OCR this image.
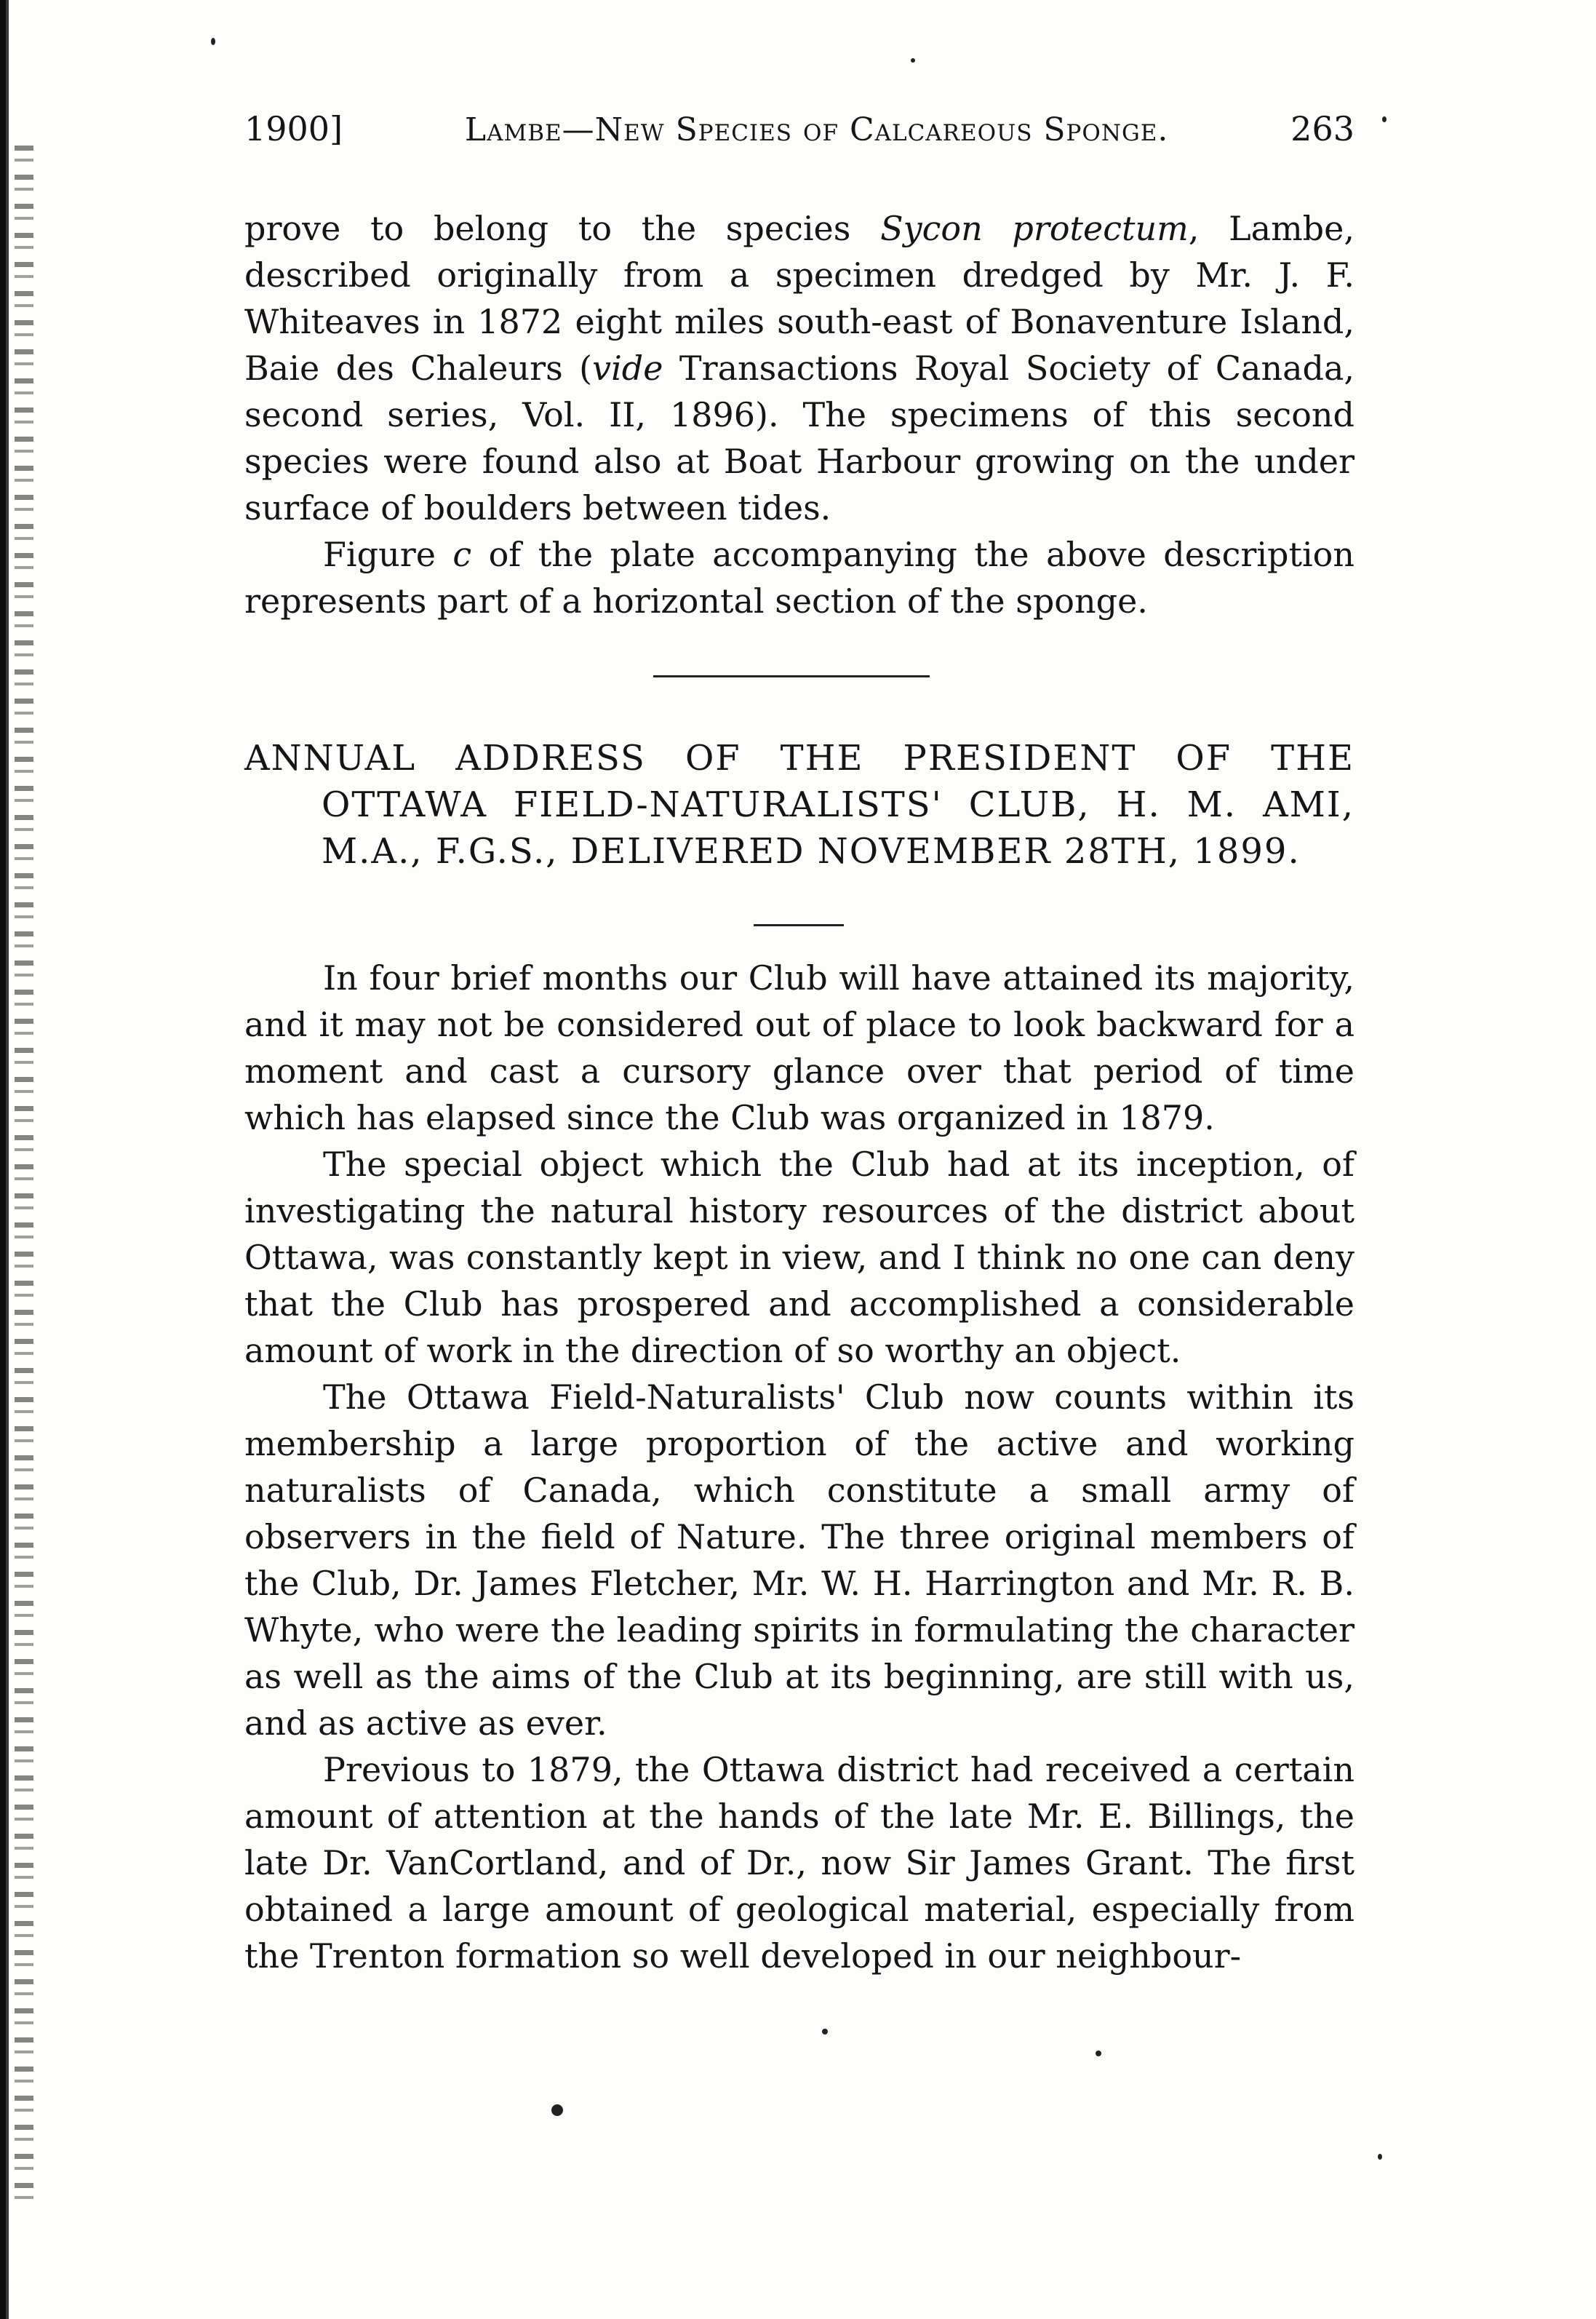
1900]	Lambe—New Species of Calcareous Sponge.	263

prove to belong to the species Sycon protectum, Lambe, described originally from a specimen dredged by Mr. J. F. Whiteaves in 1872 eight miles south-east of Bonaventure Island, Baie des Chaleurs (vide Transactions Royal Society of Canada, second series, Vol. II, 1896). The specimens of this second species were found also at Boat Harbour growing on the under surface of boulders between tides.

Figure c of the plate accompanying the above description represents part of a horizontal section of the sponge.

ANNUAL ADDRESS OF THE PRESIDENT OF THE
OTTAWA FIELD-NATURALISTS' CLUB, H. M. AMI,
M.A., F.G.S., DELIVERED NOVEMBER 28TH, 1899.

In four brief months our Club will have attained its majority, and it may not be considered out of place to look backward for a moment and cast a cursory glance over that period of time which has elapsed since the Club was organized in 1879.

The special object which the Club had at its inception, of investigating the natural history resources of the district about Ottawa, was constantly kept in view, and I think no one can deny that the Club has prospered and accomplished a considerable amount of work in the direction of so worthy an object.

The Ottawa Field-Naturalists' Club now counts within its membership a large proportion of the active and working naturalists of Canada, which constitute a small army of observers in the field of Nature. The three original members of the Club, Dr. James Fletcher, Mr. W. H. Harrington and Mr. R. B. Whyte, who were the leading spirits in formulating the character as well as the aims of the Club at its beginning, are still with us, and as active as ever.

Previous to 1879, the Ottawa district had received a certain amount of attention at the hands of the late Mr. E. Billings, the late Dr. VanCortland, and of Dr., now Sir James Grant. The first obtained a large amount of geological material, especially from the Trenton formation so well developed in our neighbour-
